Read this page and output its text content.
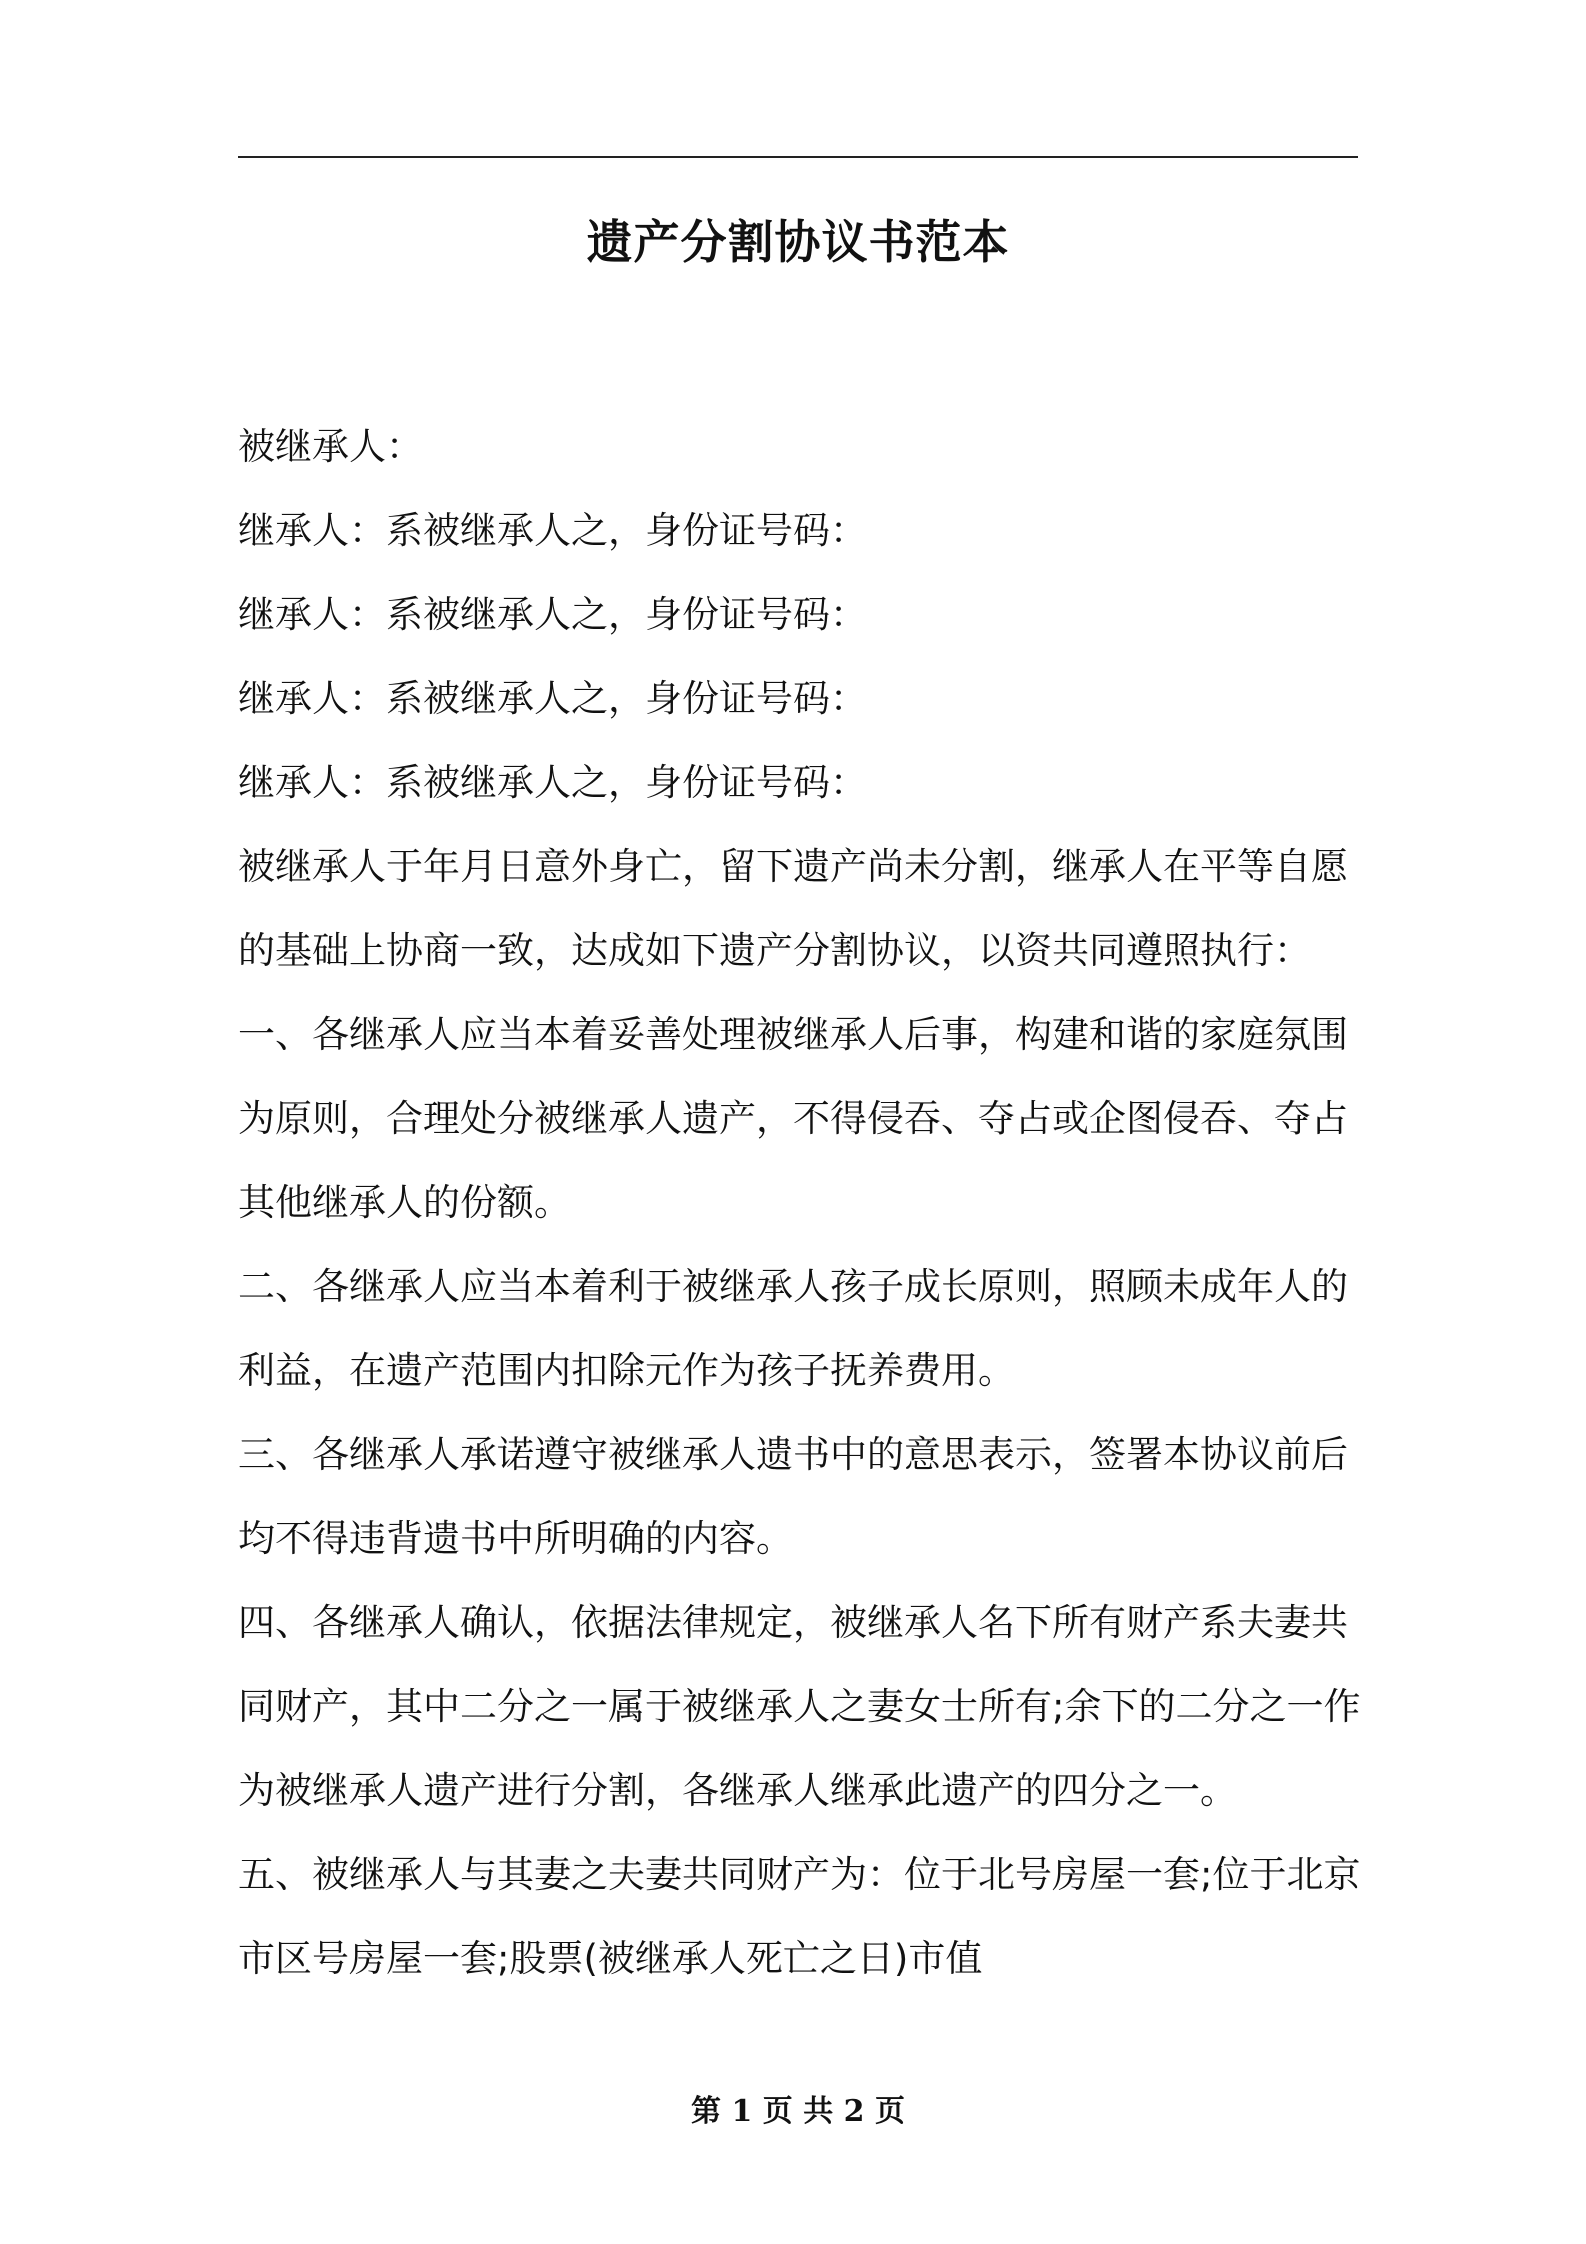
遗产分割协议书范本

被继承人：

继承人：系被继承人之，身份证号码：

继承人：系被继承人之，身份证号码：

继承人：系被继承人之，身份证号码：

继承人：系被继承人之，身份证号码：

被继承人于年月日意外身亡，留下遗产尚未分割，继承人在平等自愿的基础上协商一致，达成如下遗产分割协议，以资共同遵照执行：

一、各继承人应当本着妥善处理被继承人后事，构建和谐的家庭氛围为原则，合理处分被继承人遗产，不得侵吞、夺占或企图侵吞、夺占其他继承人的份额。

二、各继承人应当本着利于被继承人孩子成长原则，照顾未成年人的利益，在遗产范围内扣除元作为孩子抚养费用。

三、各继承人承诺遵守被继承人遗书中的意思表示，签署本协议前后均不得违背遗书中所明确的内容。

四、各继承人确认，依据法律规定，被继承人名下所有财产系夫妻共同财产，其中二分之一属于被继承人之妻女士所有;余下的二分之一作为被继承人遗产进行分割，各继承人继承此遗产的四分之一。

五、被继承人与其妻之夫妻共同财产为：位于北号房屋一套;位于北京市区号房屋一套;股票(被继承人死亡之日)市值

第 1 页 共 2 页
